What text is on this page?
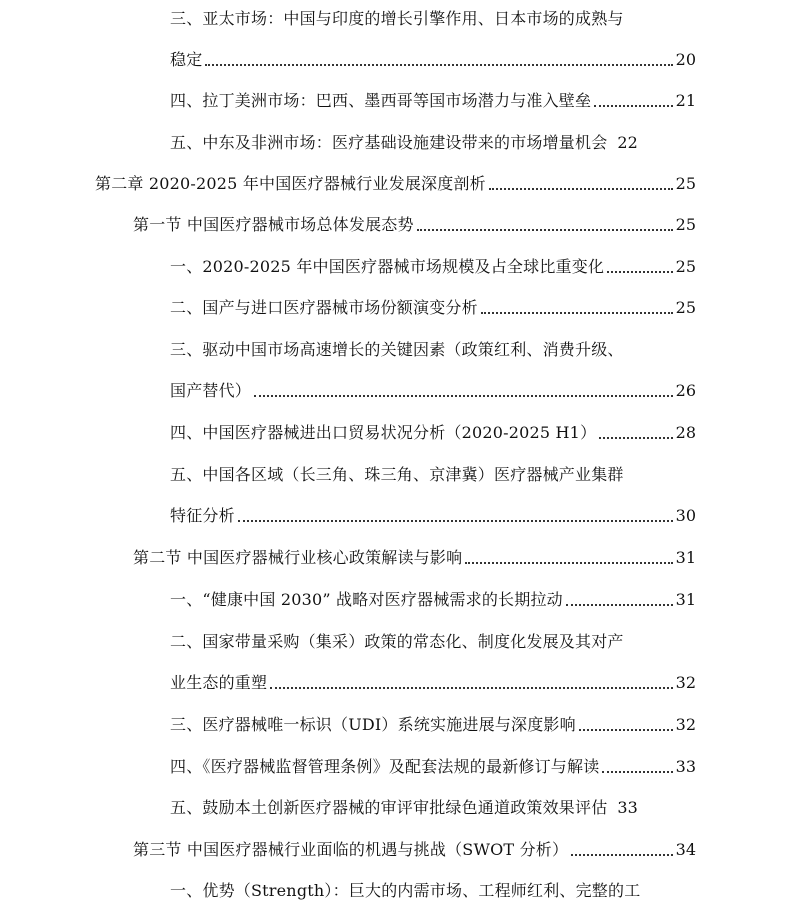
三、亚太市场：中国与印度的增长引擎作用、日本市场的成熟与
稳定	20
四、拉丁美洲市场：巴西、墨西哥等国市场潜力与准入壁垒	21
五、中东及非洲市场：医疗基础设施建设带来的市场增量机会 22
第二章 2020-2025 年中国医疗器械行业发展深度剖析	25
第一节 中国医疗器械市场总体发展态势	25
一、2020-2025 年中国医疗器械市场规模及占全球比重变化	25
二、国产与进口医疗器械市场份额演变分析	25
三、驱动中国市场高速增长的关键因素（政策红利、消费升级、
国产替代）	26
四、中国医疗器械进出口贸易状况分析（2020-2025 H1）	28
五、中国各区域（长三角、珠三角、京津冀）医疗器械产业集群
特征分析	30
第二节 中国医疗器械行业核心政策解读与影响	31
一、“健康中国 2030” 战略对医疗器械需求的长期拉动	31
二、国家带量采购（集采）政策的常态化、制度化发展及其对产
业生态的重塑	32
三、医疗器械唯一标识（UDI）系统实施进展与深度影响	32
四、《医疗器械监督管理条例》及配套法规的最新修订与解读	33
五、鼓励本土创新医疗器械的审评审批绿色通道政策效果评估 33
第三节 中国医疗器械行业面临的机遇与挑战（SWOT 分析）	34
一、优势（Strength）：巨大的内需市场、工程师红利、完整的工
